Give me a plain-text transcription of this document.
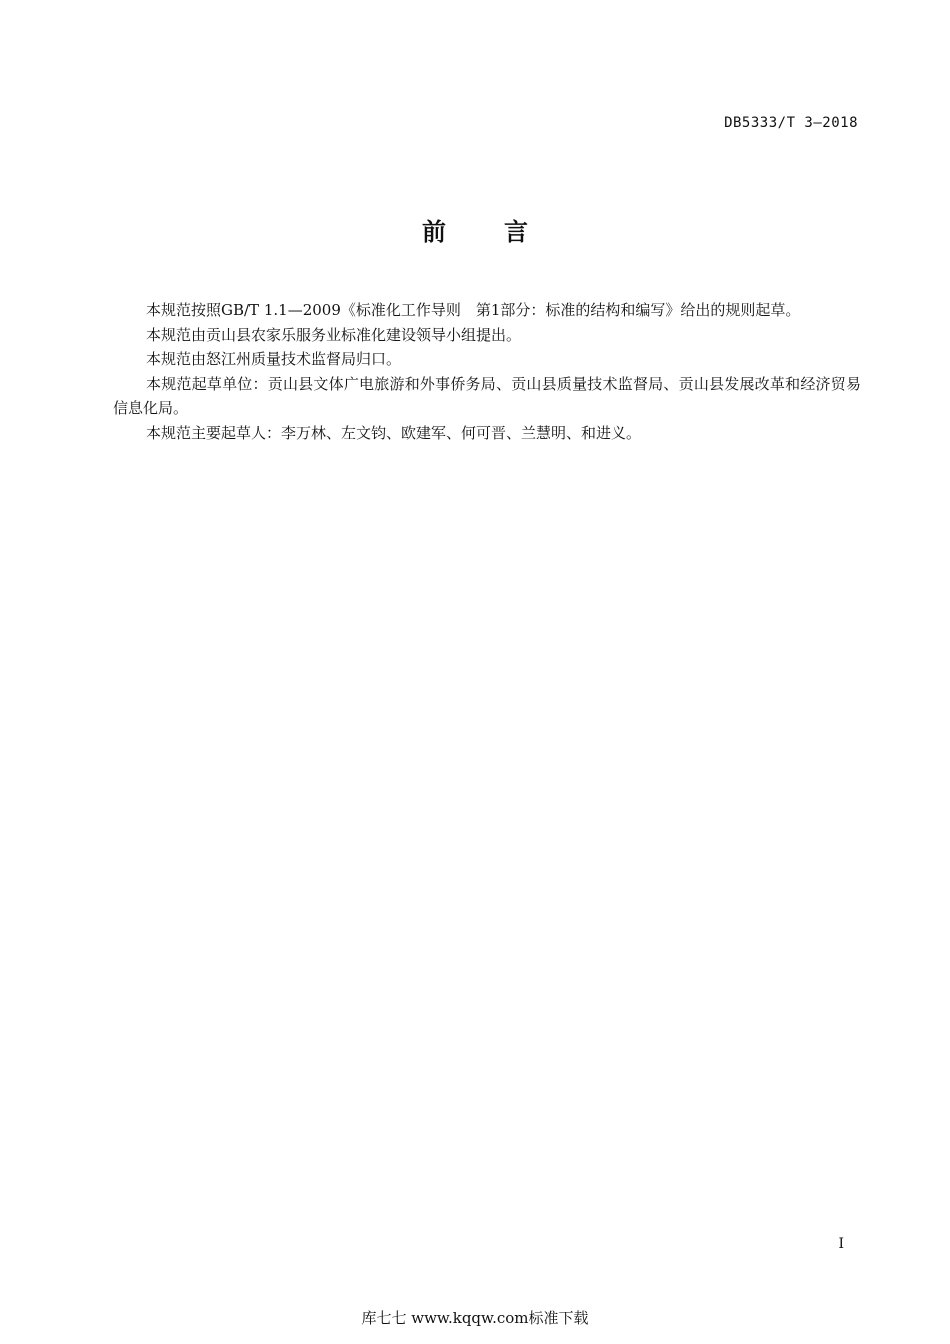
DB5333/T 3—2018
前 言

本规范按照GB/T 1.1—2009《标准化工作导则　第1部分：标准的结构和编写》给出的规则起草。

本规范由贡山县农家乐服务业标准化建设领导小组提出。

本规范由怒江州质量技术监督局归口。

本规范起草单位：贡山县文体广电旅游和外事侨务局、贡山县质量技术监督局、贡山县发展改革和经济贸易信息化局。

本规范主要起草人：李万林、左文钧、欧建军、何可晋、兰慧明、和进义。

I
库七七 www.kqqw.com标准下载
